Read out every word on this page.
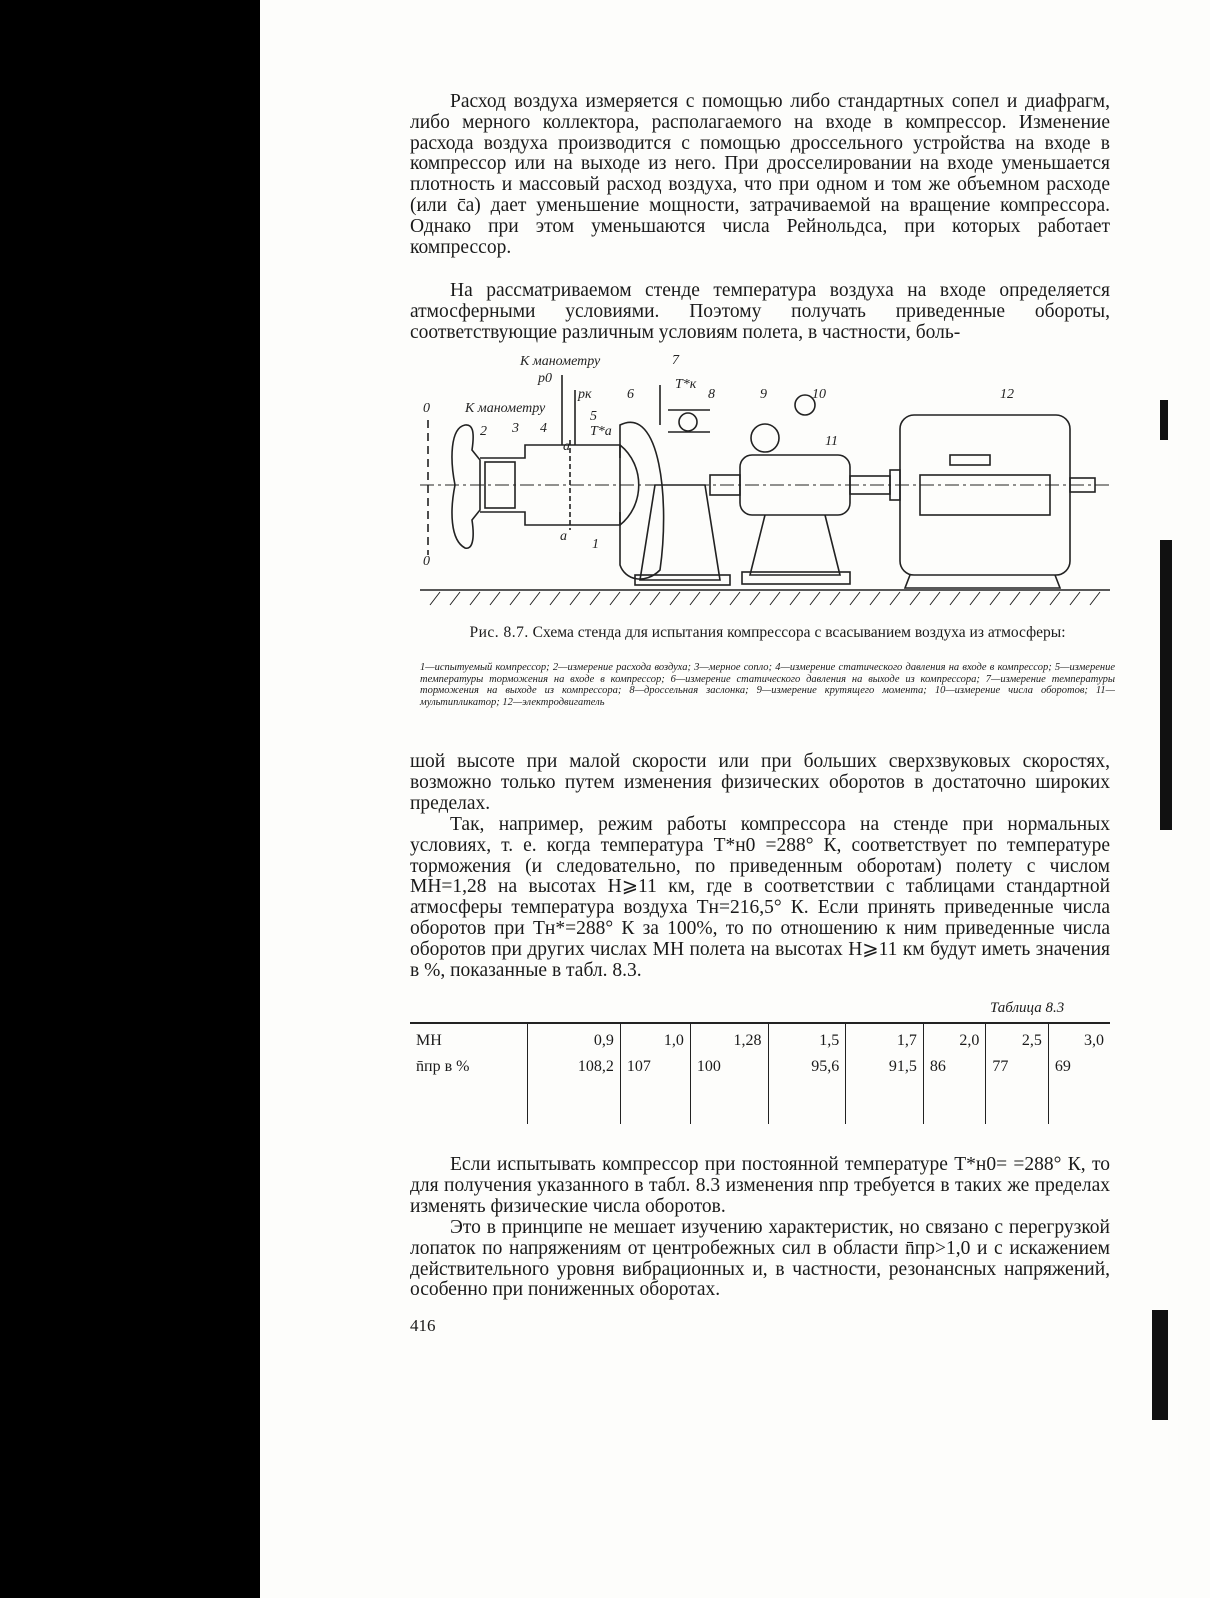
Расход воздуха измеряется с помощью либо стандартных сопел и диафрагм, либо мерного коллектора, располагаемого на входе в компрессор. Изменение расхода воздуха производится с помощью дроссельного устройства на входе в компрессор или на выходе из него. При дросселировании на входе уменьшается плотность и массовый расход воздуха, что при одном и том же объемном расходе (или c̄a) дает уменьшение мощности, затрачиваемой на вращение компрессора. Однако при этом уменьшаются числа Рейнольдса, при которых работает компрессор.

На рассматриваемом стенде температура воздуха на входе определяется атмосферными условиями. Поэтому получать приведенные обороты, соответствующие различным условиям полета, в частности, боль-

К манометру
К манометру
p0
pк
T*к
T*a
0
0
a
a
1
2 3 4
5
6
7
8	9	10
11
12
Рис. 8.7. Схема стенда для испытания компрессора с всасыванием воздуха из атмосферы:
1—испытуемый компрессор; 2—измерение расхода воздуха; 3—мерное сопло; 4—измерение статического давления на входе в компрессор; 5—измерение температуры торможения на входе в компрессор; 6—измерение статического давления на выходе из компрессора; 7—измерение температуры торможения на выходе из компрессора; 8—дроссельная заслонка; 9—измерение крутящего момента; 10—измерение числа оборотов; 11—мультипликатор; 12—электродвигатель

шой высоте при малой скорости или при больших сверхзвуковых скоростях, возможно только путем изменения физических оборотов в достаточно широких пределах.

Так, например, режим работы компрессора на стенде при нормальных условиях, т. е. когда температура T*н0 =288° К, соответствует по температуре торможения (и следовательно, по приведенным оборотам) полету с числом MH=1,28 на высотах H⩾11 км, где в соответствии с таблицами стандартной атмосферы температура воздуха Tн=216,5° К. Если принять приведенные числа оборотов при Tн*=288° К за 100%, то по отношению к ним приведенные числа оборотов при других числах MH полета на высотах H⩾11 км будут иметь значения в %, показанные в табл. 8.3.

Таблица 8.3

MH	0,9	1,0	1,28	1,5	1,7	2,0	2,5	3,0
n̄пр в %	108,2	107	100	95,6	91,5	86	77	69

Если испытывать компрессор при постоянной температуре T*н0= =288° К, то для получения указанного в табл. 8.3 изменения nпр требуется в таких же пределах изменять физические числа оборотов.

Это в принципе не мешает изучению характеристик, но связано с перегрузкой лопаток по напряжениям от центробежных сил в области n̄пр>1,0 и с искажением действительного уровня вибрационных и, в частности, резонансных напряжений, особенно при пониженных оборотах.

416
